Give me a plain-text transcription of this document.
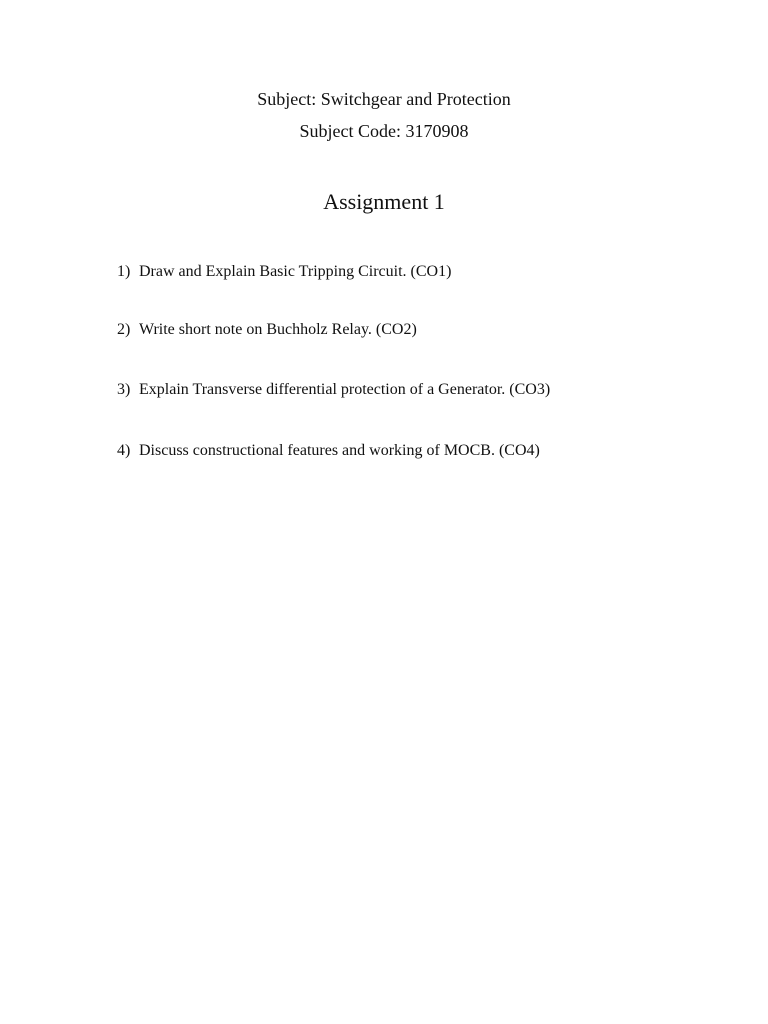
Subject: Switchgear and Protection
Subject Code: 3170908
Assignment 1
1) Draw and Explain Basic Tripping Circuit. (CO1)
2) Write short note on Buchholz Relay. (CO2)
3) Explain Transverse differential protection of a Generator. (CO3)
4) Discuss constructional features and working of MOCB. (CO4)
